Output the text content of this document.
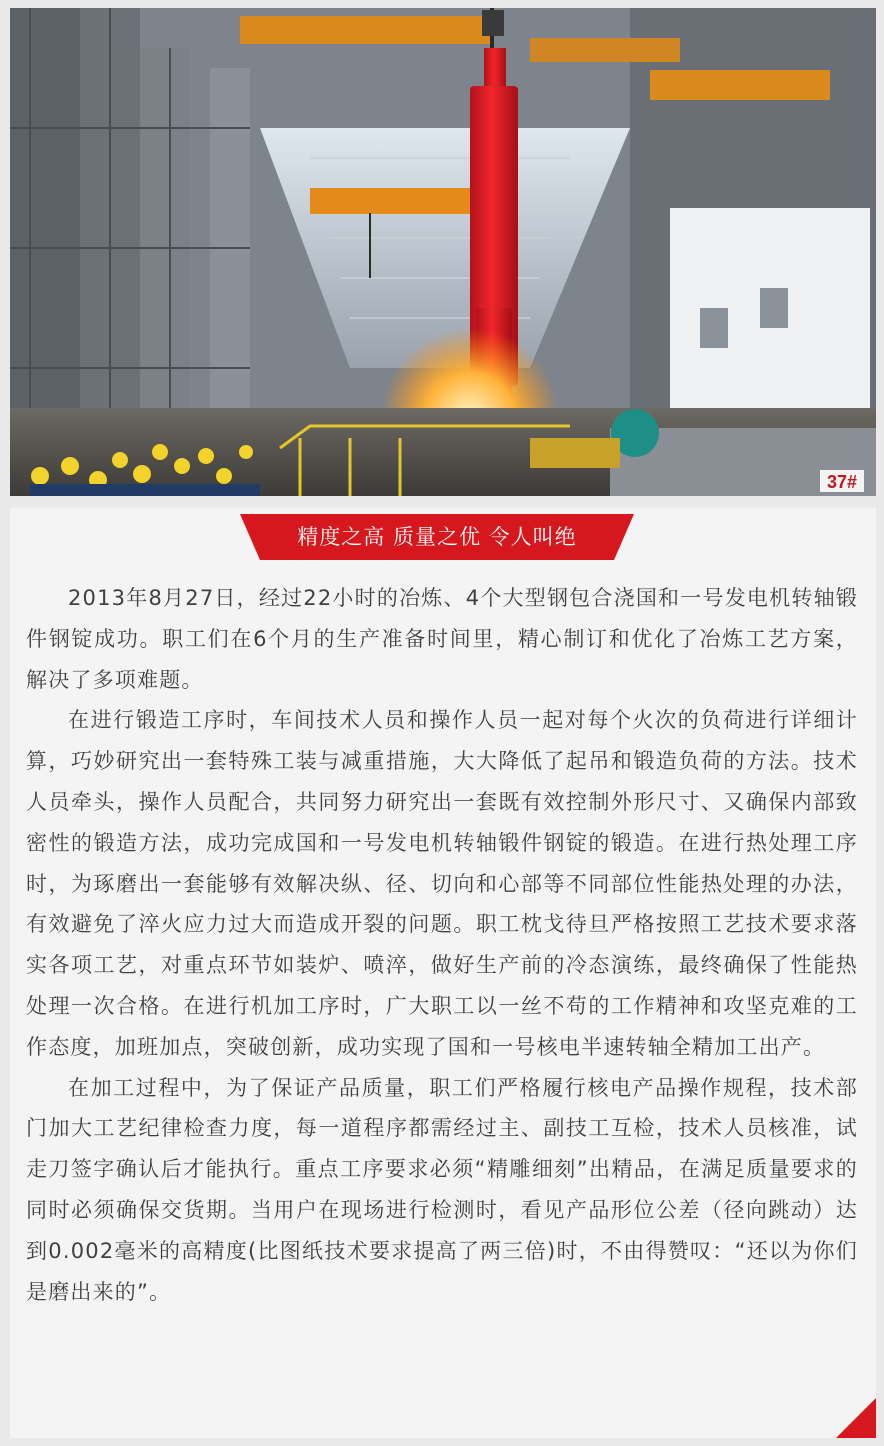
37#
精度之高 质量之优 令人叫绝

2013年8月27日，经过22小时的冶炼、4个大型钢包合浇国和一号发电机转轴锻件钢锭成功。职工们在6个月的生产准备时间里，精心制订和优化了冶炼工艺方案，解决了多项难题。

在进行锻造工序时，车间技术人员和操作人员一起对每个火次的负荷进行详细计算，巧妙研究出一套特殊工装与减重措施，大大降低了起吊和锻造负荷的方法。技术人员牵头，操作人员配合，共同努力研究出一套既有效控制外形尺寸、又确保内部致密性的锻造方法，成功完成国和一号发电机转轴锻件钢锭的锻造。在进行热处理工序时，为琢磨出一套能够有效解决纵、径、切向和心部等不同部位性能热处理的办法，有效避免了淬火应力过大而造成开裂的问题。职工枕戈待旦严格按照工艺技术要求落实各项工艺，对重点环节如装炉、喷淬，做好生产前的冷态演练，最终确保了性能热处理一次合格。在进行机加工序时，广大职工以一丝不苟的工作精神和攻坚克难的工作态度，加班加点，突破创新，成功实现了国和一号核电半速转轴全精加工出产。

在加工过程中，为了保证产品质量，职工们严格履行核电产品操作规程，技术部门加大工艺纪律检查力度，每一道程序都需经过主、副技工互检，技术人员核准，试走刀签字确认后才能执行。重点工序要求必须“精雕细刻”出精品，在满足质量要求的同时必须确保交货期。当用户在现场进行检测时，看见产品形位公差（径向跳动）达到0.002毫米的高精度(比图纸技术要求提高了两三倍)时，不由得赞叹：“还以为你们是磨出来的”。
